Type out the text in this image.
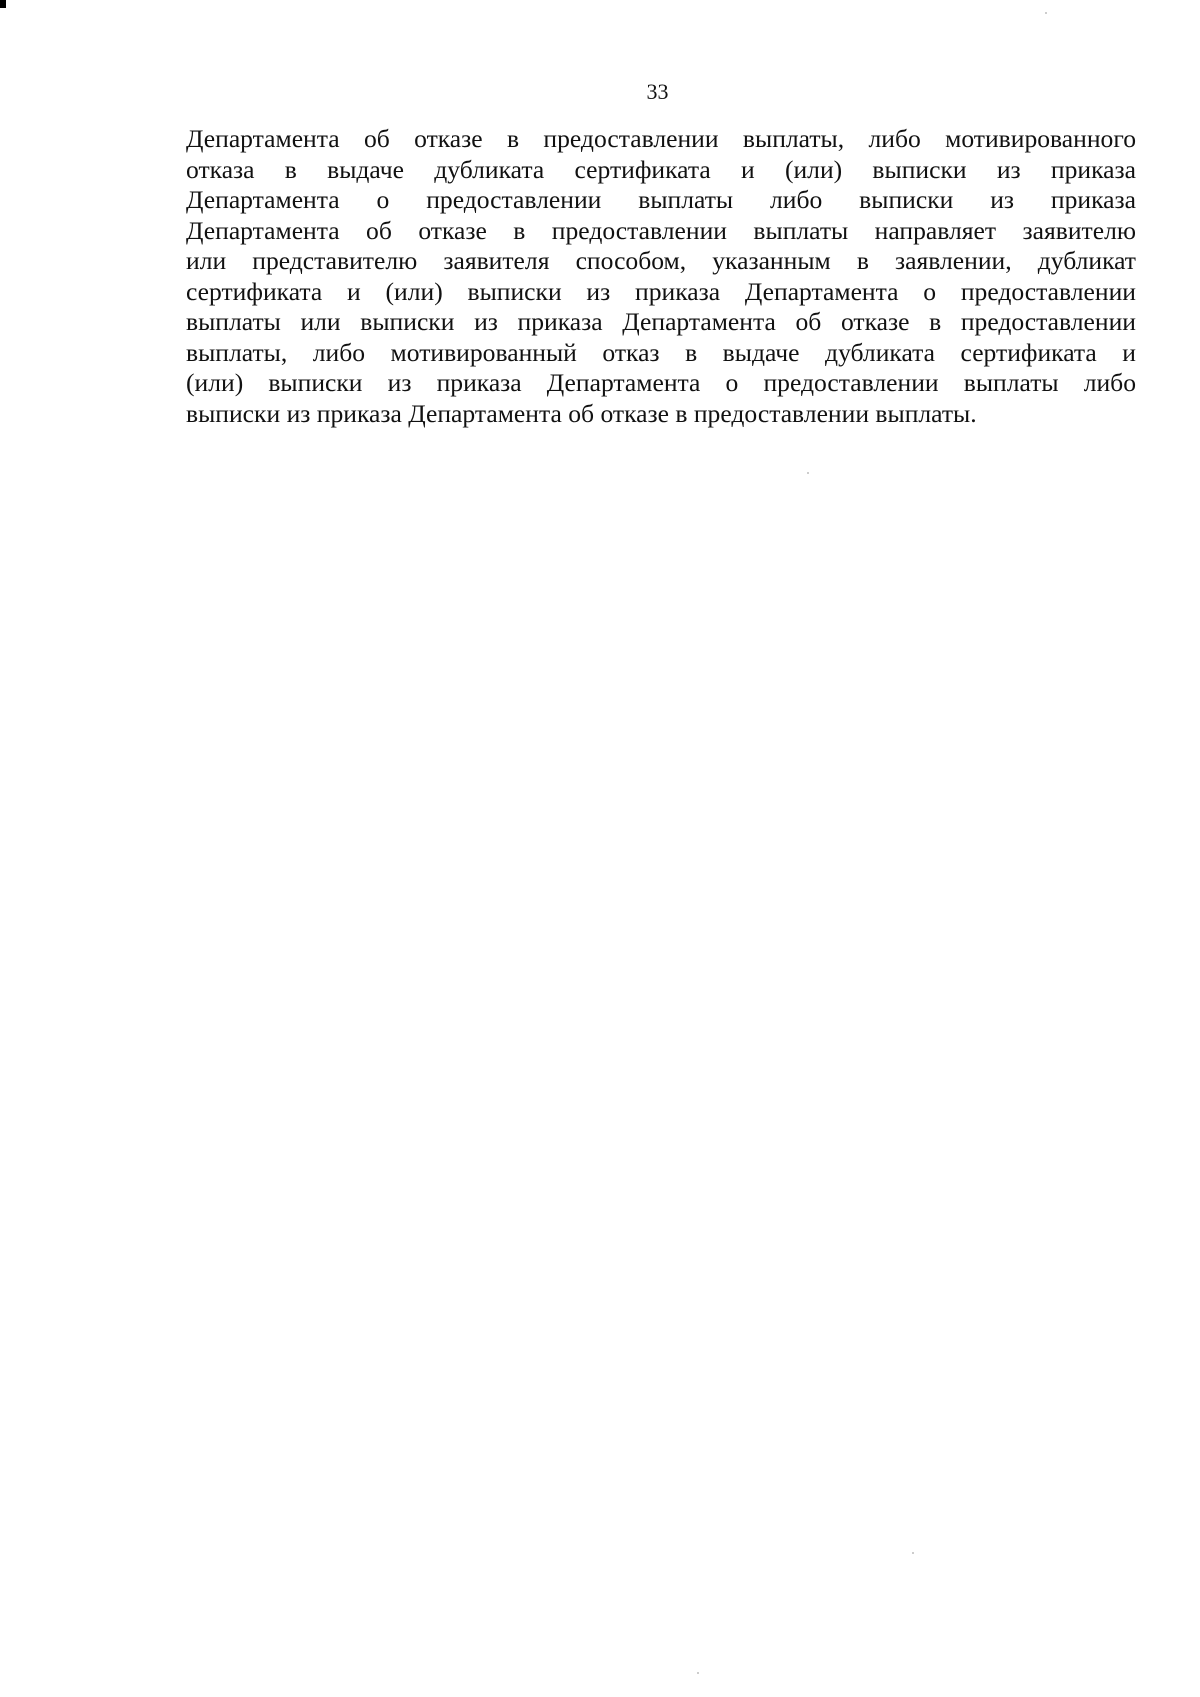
33
Департамента об отказе в предоставлении выплаты, либо мотивированного
отказа в выдаче дубликата сертификата и (или) выписки из приказа
Департамента о предоставлении выплаты либо выписки из приказа
Департамента об отказе в предоставлении выплаты направляет заявителю
или представителю заявителя способом, указанным в заявлении, дубликат
сертификата и (или) выписки из приказа Департамента о предоставлении
выплаты или выписки из приказа Департамента об отказе в предоставлении
выплаты, либо мотивированный отказ в выдаче дубликата сертификата и
(или) выписки из приказа Департамента о предоставлении выплаты либо
выписки из приказа Департамента об отказе в предоставлении выплаты.
